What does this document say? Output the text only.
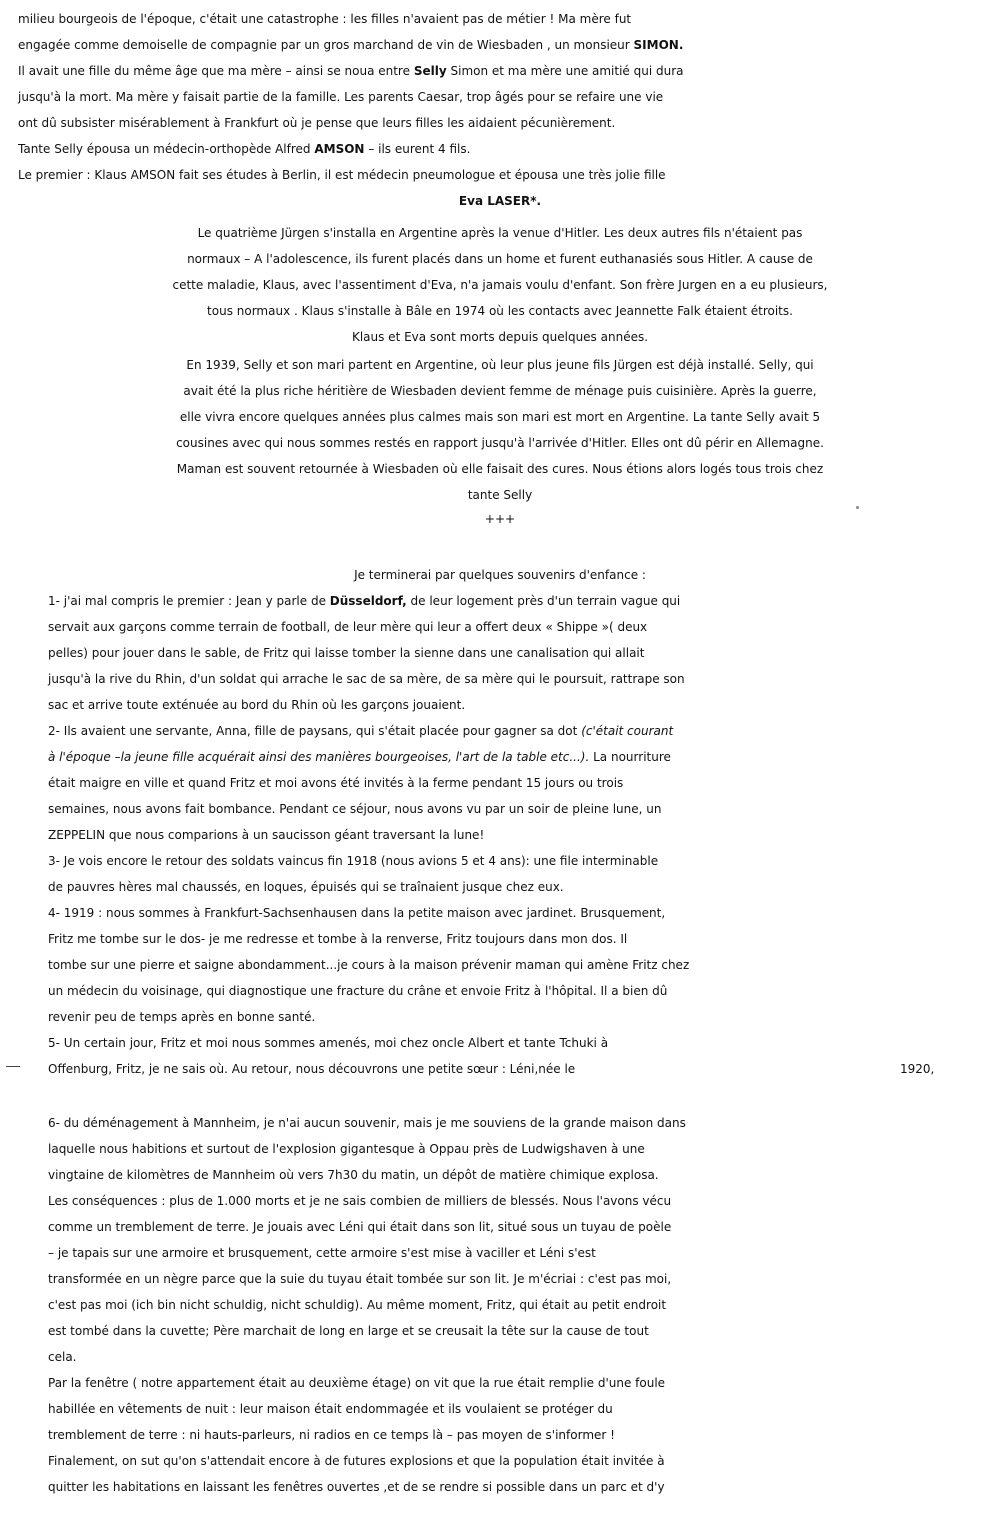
milieu bourgeois de l'époque, c'était une catastrophe : les filles n'avaient pas de métier ! Ma mère fut
engagée comme demoiselle de compagnie par un gros marchand de vin de Wiesbaden , un monsieur SIMON.
Il avait une fille du même âge que ma mère – ainsi se noua entre Selly Simon et ma mère une amitié qui dura
jusqu'à la mort. Ma mère y faisait partie de la famille. Les parents Caesar, trop âgés pour se refaire une vie
ont dû subsister misérablement à Frankfurt où je pense que leurs filles les aidaient pécunièrement.
Tante Selly épousa un médecin-orthopède Alfred AMSON – ils eurent 4 fils.
Le premier : Klaus AMSON fait ses études à Berlin, il est médecin pneumologue et épousa une très jolie fille
Eva LASER*.
Le quatrième Jürgen s'installa en Argentine après la venue d'Hitler. Les deux autres fils n'étaient pas
normaux – A l'adolescence, ils furent placés dans un home et furent euthanasiés sous Hitler. A cause de
cette maladie, Klaus, avec l'assentiment d'Eva, n'a jamais voulu d'enfant. Son frère Jurgen en a eu plusieurs,
tous normaux . Klaus s'installe à Bâle en 1974 où les contacts avec Jeannette Falk étaient étroits.
Klaus et Eva sont morts depuis quelques années.
En 1939, Selly et son mari partent en Argentine, où leur plus jeune fils Jürgen est déjà installé. Selly, qui
avait été la plus riche héritière de Wiesbaden devient femme de ménage puis cuisinière. Après la guerre,
elle vivra encore quelques années plus calmes mais son mari est mort en Argentine. La tante Selly avait 5
cousines avec qui nous sommes restés en rapport jusqu'à l'arrivée d'Hitler. Elles ont dû périr en Allemagne.
Maman est souvent retournée à Wiesbaden où elle faisait des cures. Nous étions alors logés tous trois chez
tante Selly
+++
Je terminerai par quelques souvenirs d'enfance :
1- j'ai mal compris le premier : Jean y parle de Düsseldorf, de leur logement près d'un terrain vague qui
servait aux garçons comme terrain de football, de leur mère qui leur a offert deux « Shippe »( deux
pelles) pour jouer dans le sable, de Fritz qui laisse tomber la sienne dans une canalisation qui allait
jusqu'à la rive du Rhin, d'un soldat qui arrache le sac de sa mère, de sa mère qui le poursuit, rattrape son
sac et arrive toute exténuée au bord du Rhin où les garçons jouaient.
2- Ils avaient une servante, Anna, fille de paysans, qui s'était placée pour gagner sa dot (c'était courant
à l'époque –la jeune fille acquérait ainsi des manières bourgeoises, l'art de la table etc...). La nourriture
était maigre en ville et quand Fritz et moi avons été invités à la ferme pendant 15 jours ou trois
semaines, nous avons fait bombance. Pendant ce séjour, nous avons vu par un soir de pleine lune, un
ZEPPELIN que nous comparions à un saucisson géant traversant la lune!
3- Je vois encore le retour des soldats vaincus fin 1918 (nous avions 5 et 4 ans): une file interminable
de pauvres hères mal chaussés, en loques, épuisés qui se traînaient jusque chez eux.
4- 1919 : nous sommes à Frankfurt-Sachsenhausen dans la petite maison avec jardinet. Brusquement,
Fritz me tombe sur le dos- je me redresse et tombe à la renverse, Fritz toujours dans mon dos. Il
tombe sur une pierre et saigne abondamment...je cours à la maison prévenir maman qui amène Fritz chez
un médecin du voisinage, qui diagnostique une fracture du crâne et envoie Fritz à l'hôpital. Il a bien dû
revenir peu de temps après en bonne santé.
5- Un certain jour, Fritz et moi nous sommes amenés, moi chez oncle Albert et tante Tchuki à
Offenburg, Fritz, je ne sais où. Au retour, nous découvrons une petite sœur : Léni,née le	1920,
6- du déménagement à Mannheim, je n'ai aucun souvenir, mais je me souviens de la grande maison dans
laquelle nous habitions et surtout de l'explosion gigantesque à Oppau près de Ludwigshaven à une
vingtaine de kilomètres de Mannheim où vers 7h30 du matin, un dépôt de matière chimique explosa.
Les conséquences : plus de 1.000 morts et je ne sais combien de milliers de blessés. Nous l'avons vécu
comme un tremblement de terre. Je jouais avec Léni qui était dans son lit, situé sous un tuyau de poèle
– je tapais sur une armoire et brusquement, cette armoire s'est mise à vaciller et Léni s'est
transformée en un nègre parce que la suie du tuyau était tombée sur son lit. Je m'écriai : c'est pas moi,
c'est pas moi (ich bin nicht schuldig, nicht schuldig). Au même moment, Fritz, qui était au petit endroit
est tombé dans la cuvette; Père marchait de long en large et se creusait la tête sur la cause de tout
cela.
Par la fenêtre ( notre appartement était au deuxième étage) on vit que la rue était remplie d'une foule
habillée en vêtements de nuit : leur maison était endommagée et ils voulaient se protéger du
tremblement de terre : ni hauts-parleurs, ni radios en ce temps là – pas moyen de s'informer !
Finalement, on sut qu'on s'attendait encore à de futures explosions et que la population était invitée à
quitter les habitations en laissant les fenêtres ouvertes ,et de se rendre si possible dans un parc et d'y
